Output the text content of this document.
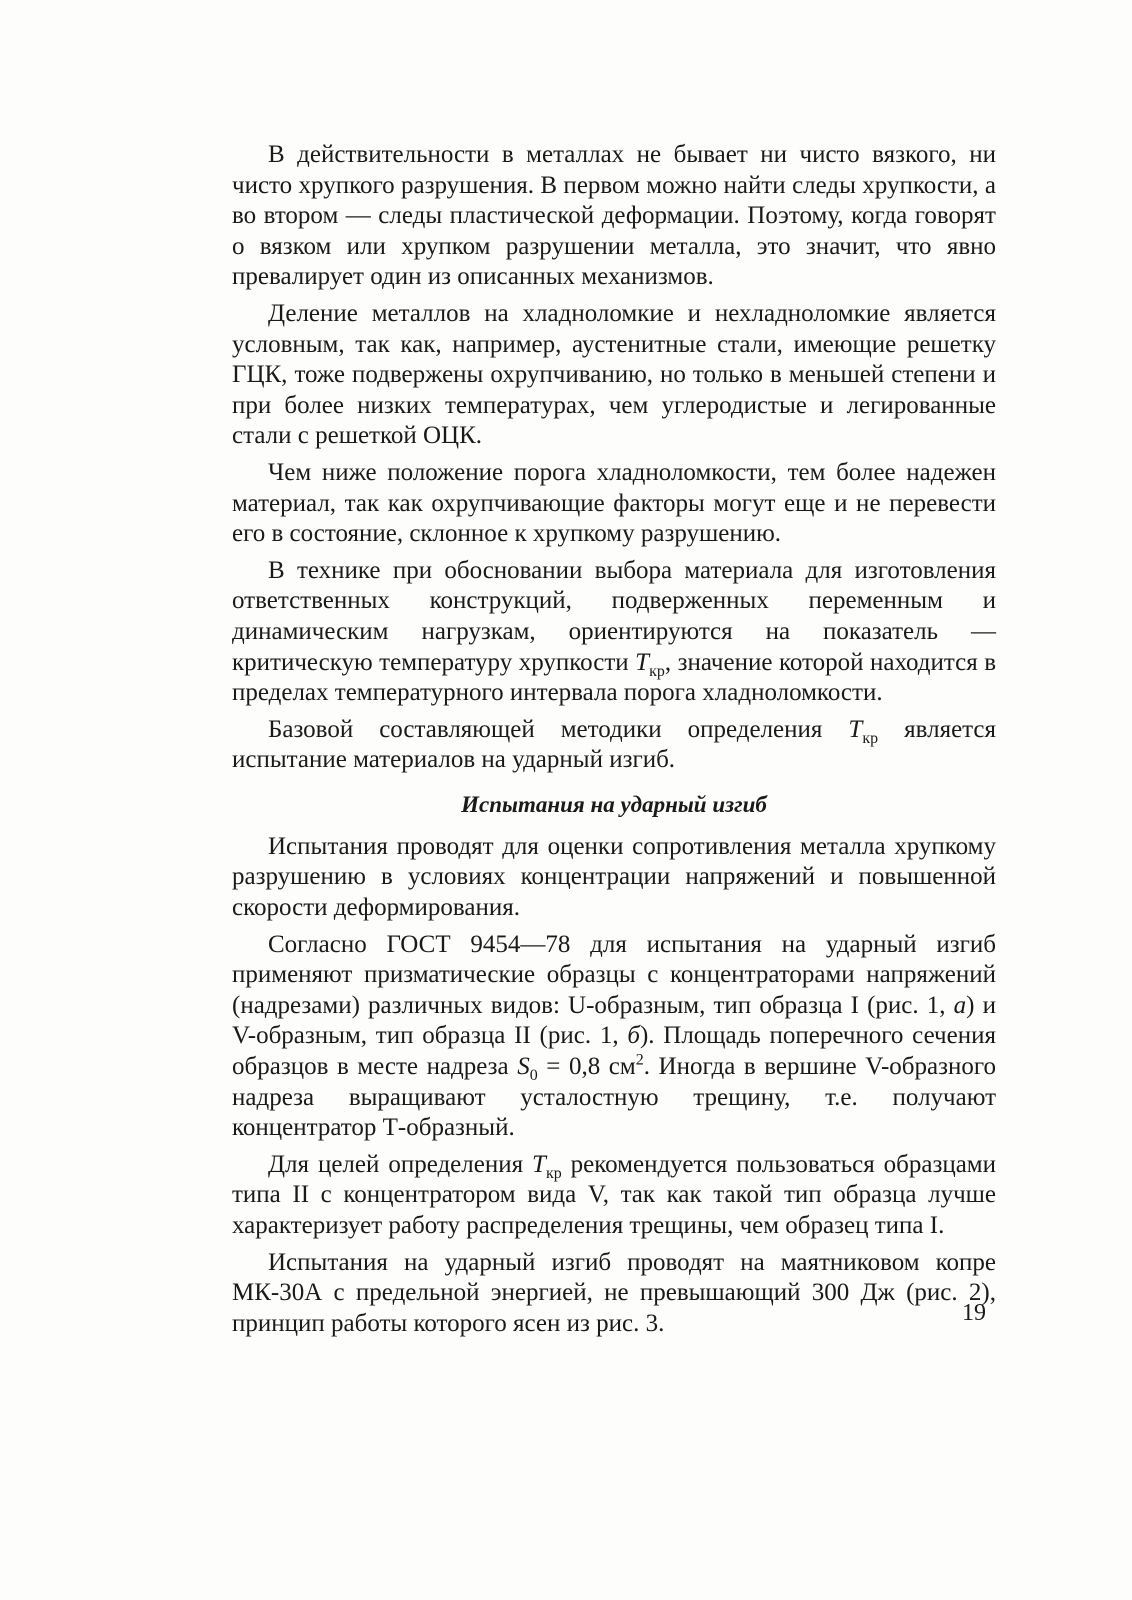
В действительности в металлах не бывает ни чисто вязкого, ни чисто хрупкого разрушения. В первом можно найти следы хрупкости, а во втором — следы пластической деформации. Поэтому, когда говорят о вязком или хрупком разрушении металла, это значит, что явно превалирует один из описанных механизмов.

Деление металлов на хладноломкие и нехладноломкие является условным, так как, например, аустенитные стали, имеющие решетку ГЦК, тоже подвержены охрупчиванию, но только в меньшей степени и при более низких температурах, чем углеродистые и легированные стали с решеткой ОЦК.

Чем ниже положение порога хладноломкости, тем более надежен материал, так как охрупчивающие факторы могут еще и не перевести его в состояние, склонное к хрупкому разрушению.

В технике при обосновании выбора материала для изготовления ответственных конструкций, подверженных переменным и динамическим нагрузкам, ориентируются на показатель — критическую температуру хрупкости $T_{кр}$, значение которой находится в пределах температурного интервала порога хладноломкости.

Базовой составляющей методики определения $T_{кр}$ является испытание материалов на ударный изгиб.

Испытания на ударный изгиб

Испытания проводят для оценки сопротивления металла хрупкому разрушению в условиях концентрации напряжений и повышенной скорости деформирования.

Согласно ГОСТ 9454—78 для испытания на ударный изгиб применяют призматические образцы с концентраторами напряжений (надрезами) различных видов: U-образным, тип образца I (рис. 1, а) и V-образным, тип образца II (рис. 1, б). Площадь поперечного сечения образцов в месте надреза $S_0 = 0,8$ $см^2$. Иногда в вершине V-образного надреза выращивают усталостную трещину, т.е. получают концентратор Т-образный.

Для целей определения $T_{кр}$ рекомендуется пользоваться образцами типа II с концентратором вида V, так как такой тип образца лучше характеризует работу распределения трещины, чем образец типа I.

Испытания на ударный изгиб проводят на маятниковом копре МК-30А с предельной энергией, не превышающий 300 Дж (рис. 2), принцип работы которого ясен из рис. 3.	19
